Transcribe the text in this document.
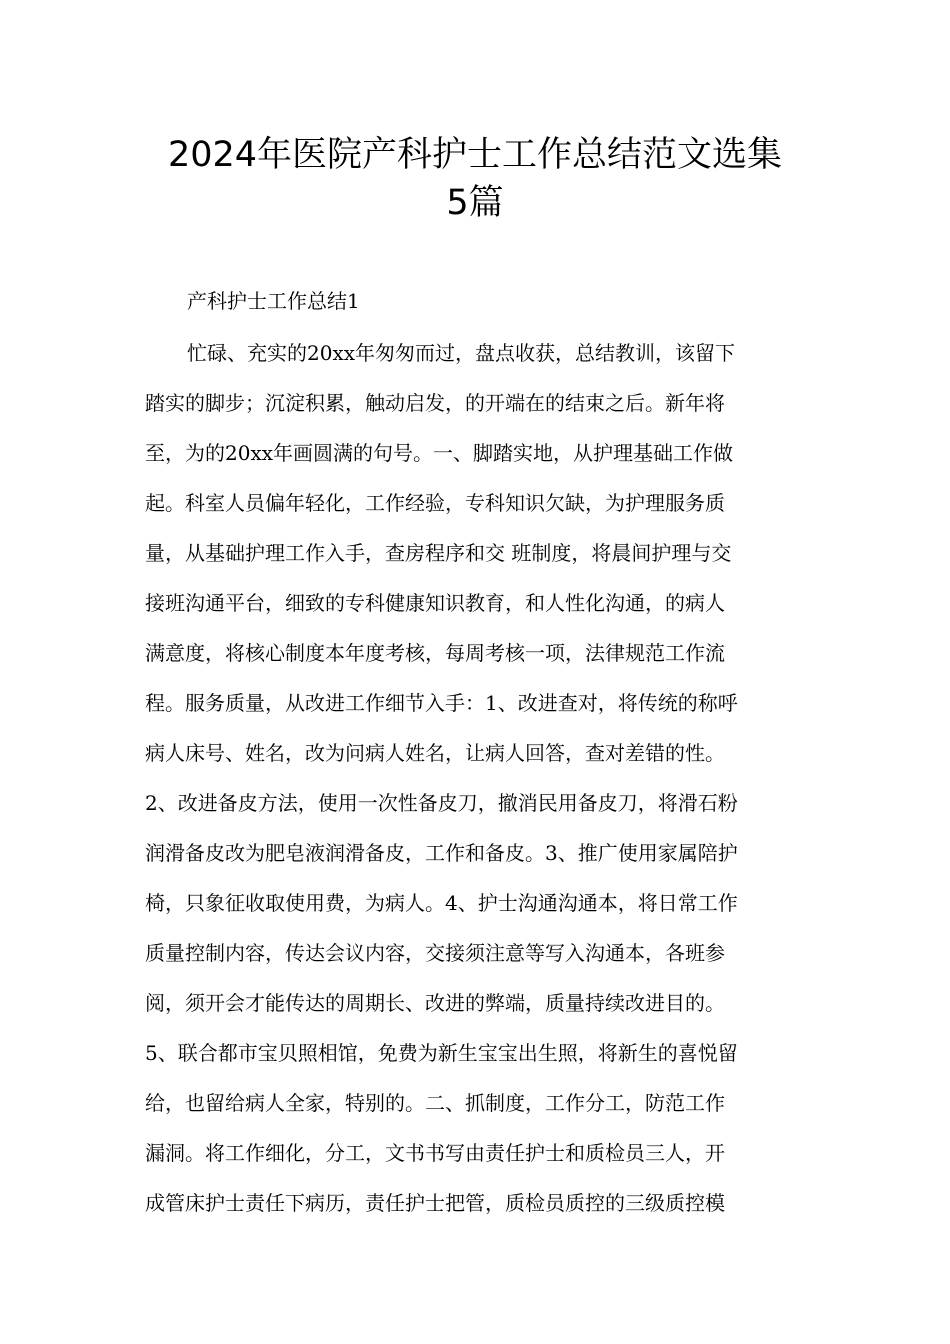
2024年医院产科护士工作总结范文选集
5篇
产科护士工作总结1
忙碌、充实的20xx年匆匆而过，盘点收获，总结教训，该留下
踏实的脚步；沉淀积累，触动启发，的开端在的结束之后。新年将
至，为的20xx年画圆满的句号。一、脚踏实地，从护理基础工作做
起。科室人员偏年轻化，工作经验，专科知识欠缺，为护理服务质
量，从基础护理工作入手，查房程序和交 班制度，将晨间护理与交
接班沟通平台，细致的专科健康知识教育，和人性化沟通，的病人
满意度，将核心制度本年度考核，每周考核一项，法律规范工作流
程。服务质量，从改进工作细节入手：1、改进查对，将传统的称呼
病人床号、姓名，改为问病人姓名，让病人回答，查对差错的性。
2、改进备皮方法，使用一次性备皮刀，撤消民用备皮刀，将滑石粉
润滑备皮改为肥皂液润滑备皮，工作和备皮。3、推广使用家属陪护
椅，只象征收取使用费，为病人。4、护士沟通沟通本，将日常工作
质量控制内容，传达会议内容，交接须注意等写入沟通本，各班参
阅，须开会才能传达的周期长、改进的弊端，质量持续改进目的。
5、联合都市宝贝照相馆，免费为新生宝宝出生照，将新生的喜悦留
给，也留给病人全家，特别的。二、抓制度，工作分工，防范工作
漏洞。将工作细化，分工，文书书写由责任护士和质检员三人，开
成管床护士责任下病历，责任护士把管，质检员质控的三级质控模
